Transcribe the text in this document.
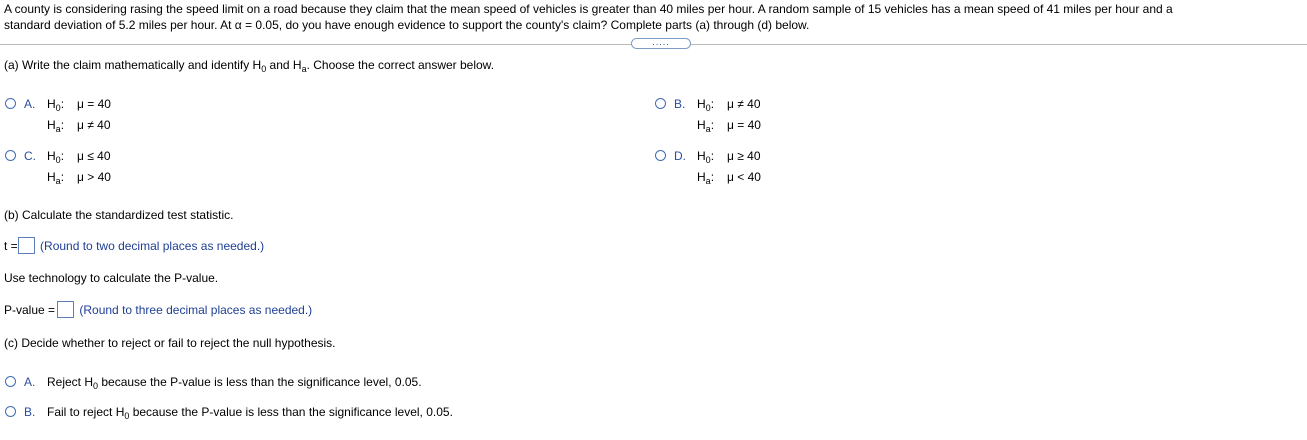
A county is considering rasing the speed limit on a road because they claim that the mean speed of vehicles is greater than 40 miles per hour. A random sample of 15 vehicles has a mean speed of 41 miles per hour and a
standard deviation of 5.2 miles per hour. At α = 0.05, do you have enough evidence to support the county's claim? Complete parts (a) through (d) below.
.....
(a) Write the claim mathematically and identify $H_0$ and $H_a$. Choose the correct answer below.
A. $H_0$: μ = 40
$H_a$: μ ≠ 40
B. $H_0$: μ ≠ 40
$H_a$: μ = 40
C. $H_0$: μ ≤ 40
$H_a$: μ > 40
D. $H_0$: μ ≥ 40
$H_a$: μ < 40
(b) Calculate the standardized test statistic.
t = (Round to two decimal places as needed.)
Use technology to calculate the P-value.
P-value = (Round to three decimal places as needed.)
(c) Decide whether to reject or fail to reject the null hypothesis.
A. Reject $H_0$ because the P-value is less than the significance level, 0.05.
B. Fail to reject $H_0$ because the P-value is less than the significance level, 0.05.
